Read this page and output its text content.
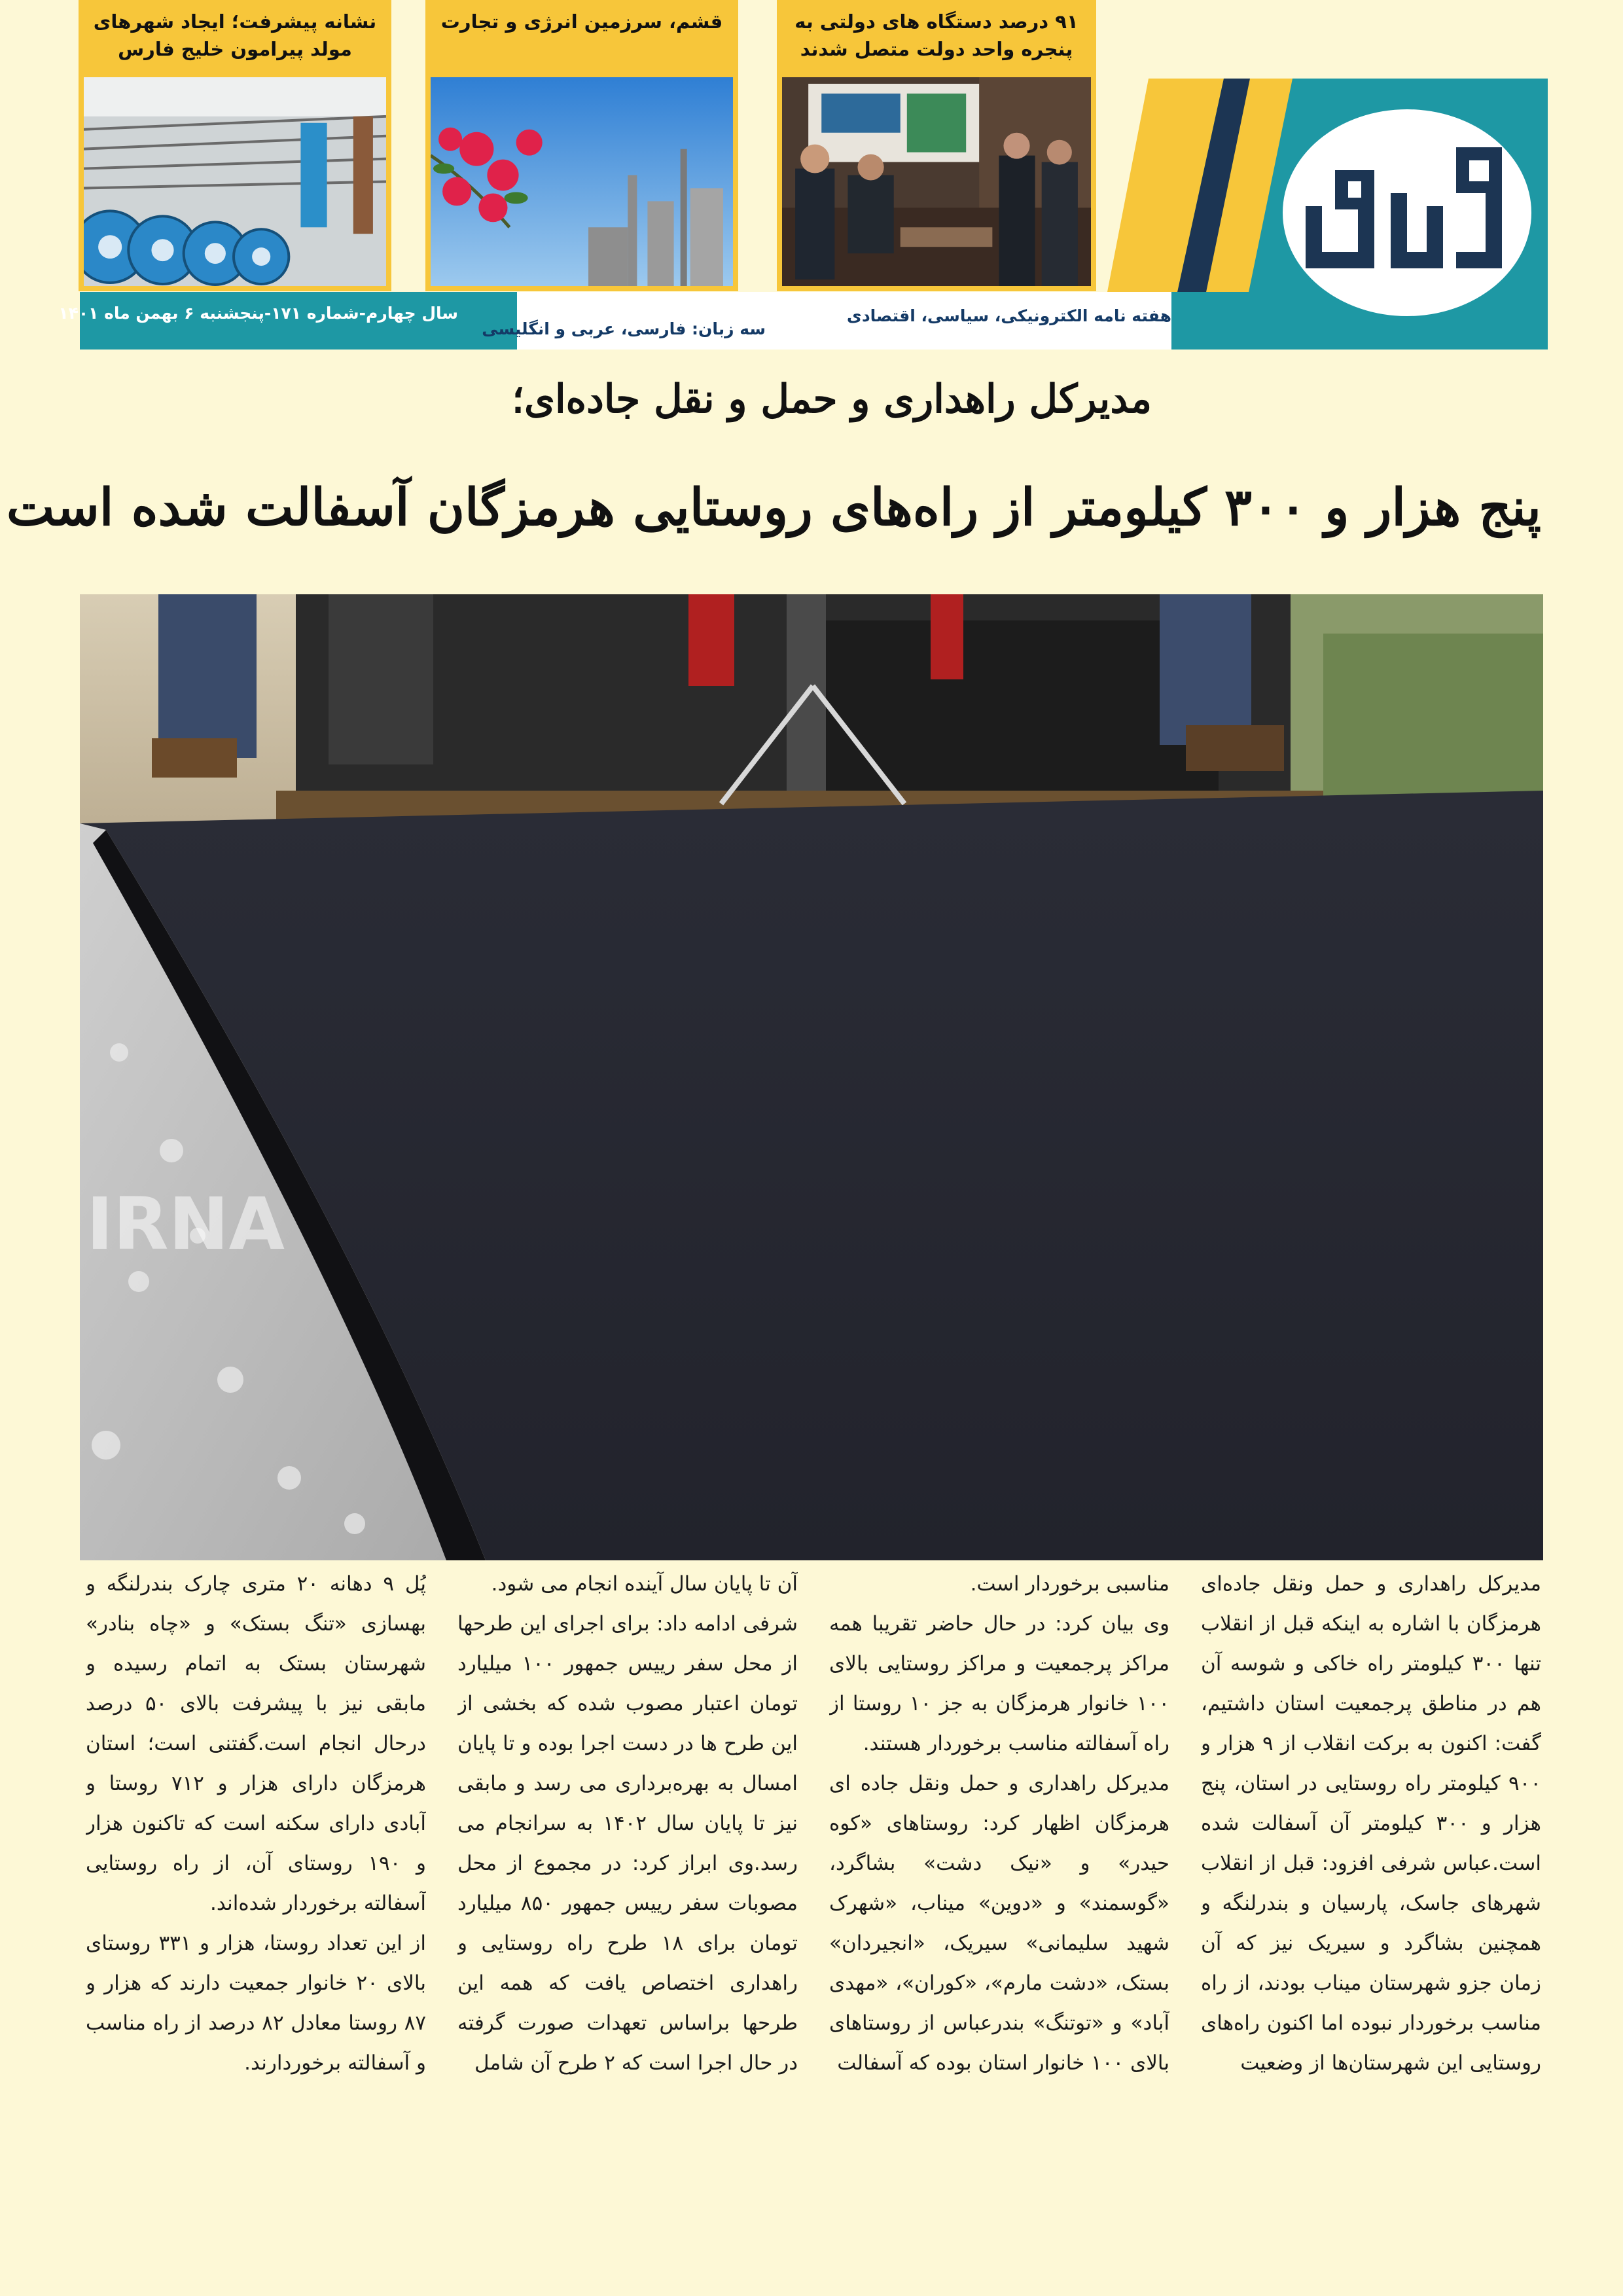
۹۱ درصد دستگاه های دولتی به پنجره واحد دولت متصل شدند
قشم، سرزمین انرژی و تجارت
نشانه پیشرفت؛ ایجاد شهرهای مولد پیرامون خلیج فارس
هفته نامه الکترونیکی، سیاسی، اقتصادی
سه زبان: فارسی، عربی و انگلیسی
سال چهارم-شماره ۱۷۱-پنجشنبه ۶ بهمن ماه ۱۴۰۱
مدیرکل راهداری و حمل و نقل جاده‌ای؛
پنج هزار و ۳۰۰ کیلومتر از راه‌های روستایی هرمزگان آسفالت شده است
IRNA

مدیرکل راهداری و حمل ونقل جاده‌ای هرمزگان با اشاره به اینکه قبل از انقلاب تنها ۳۰۰ کیلومتر راه خاکی و شوسه آن هم در مناطق پرجمعیت استان داشتیم، گفت: اکنون به برکت انقلاب از ۹ هزار و ۹۰۰ کیلومتر راه روستایی در استان، پنج هزار و ۳۰۰ کیلومتر آن آسفالت شده است.عباس شرفی افزود: قبل از انقلاب شهرهای جاسک، پارسیان و بندرلنگه و همچنین بشاگرد و سیریک نیز که آن زمان جزو شهرستان میناب بودند، از راه مناسب برخوردار نبوده اما اکنون راه‌های روستایی این شهرستان‌ها از وضعیت

مناسبی برخوردار است.

وی بیان کرد: در حال حاضر تقریبا همه مراکز پرجمعیت و مراکز روستایی بالای ۱۰۰ خانوار هرمزگان به جز ۱۰ روستا از راه آسفالته مناسب برخوردار هستند.

مدیرکل راهداری و حمل ونقل جاده ای هرمزگان اظهار کرد: روستاهای «کوه حیدر» و «نیک دشت» بشاگرد، «گوسمند» و «دوین» میناب، «شهرک شهید سلیمانی» سیریک، «انجیردان» بستک، «دشت مارم»، «کوران»، «مهدی آباد» و «توتنگ» بندرعباس از روستاهای بالای ۱۰۰ خانوار استان بوده که آسفالت

آن تا پایان سال آینده انجام می شود.

شرفی ادامه داد: برای اجرای این طرحها از محل سفر رییس جمهور ۱۰۰ میلیارد تومان اعتبار مصوب شده که بخشی از این طرح ها در دست اجرا بوده و تا پایان امسال به بهره‌برداری می رسد و مابقی نیز تا پایان سال ۱۴۰۲ به سرانجام می رسد.وی ابراز کرد: در مجموع از محل مصوبات سفر رییس جمهور ۸۵۰ میلیارد تومان برای ۱۸ طرح راه روستایی و راهداری اختصاص یافت که همه این طرحها براساس تعهدات صورت گرفته در حال اجرا است که ۲ طرح آن شامل

پُل ۹ دهانه ۲۰ متری چارک بندرلنگه و بهسازی «تنگ بستک» و «چاه بنادر» شهرستان بستک به اتمام رسیده و مابقی نیز با پیشرفت بالای ۵۰ درصد درحال انجام است.گفتنی است؛ استان هرمزگان دارای هزار و ۷۱۲ روستا و آبادی دارای سکنه است که تاکنون هزار و ۱۹۰ روستای آن، از راه روستایی آسفالته برخوردار شده‌اند.

از این تعداد روستا، هزار و ۳۳۱ روستای بالای ۲۰ خانوار جمعیت دارند که هزار و ۸۷ روستا معادل ۸۲ درصد از راه مناسب و آسفالته برخوردارند.
